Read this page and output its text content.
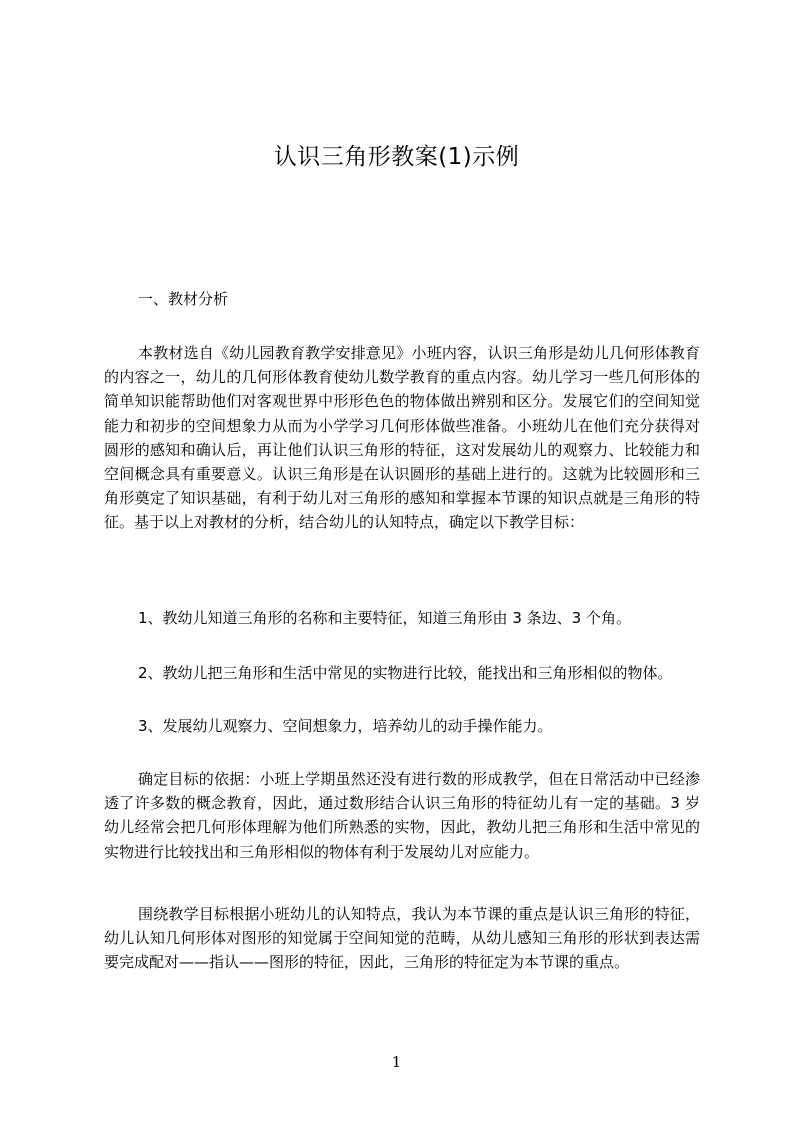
认识三角形教案(1)示例
一、教材分析

本教材选自《幼儿园教育教学安排意见》小班内容，认识三角形是幼儿几何形体教育的内容之一，幼儿的几何形体教育使幼儿数学教育的重点内容。幼儿学习一些几何形体的简单知识能帮助他们对客观世界中形形色色的物体做出辨别和区分。发展它们的空间知觉能力和初步的空间想象力从而为小学学习几何形体做些准备。小班幼儿在他们充分获得对圆形的感知和确认后，再让他们认识三角形的特征，这对发展幼儿的观察力、比较能力和空间概念具有重要意义。认识三角形是在认识圆形的基础上进行的。这就为比较圆形和三角形奠定了知识基础，有利于幼儿对三角形的感知和掌握本节课的知识点就是三角形的特征。基于以上对教材的分析，结合幼儿的认知特点，确定以下教学目标：

1、教幼儿知道三角形的名称和主要特征，知道三角形由 3 条边、3 个角。

2、教幼儿把三角形和生活中常见的实物进行比较，能找出和三角形相似的物体。

3、发展幼儿观察力、空间想象力，培养幼儿的动手操作能力。

确定目标的依据：小班上学期虽然还没有进行数的形成教学，但在日常活动中已经渗透了许多数的概念教育，因此，通过数形结合认识三角形的特征幼儿有一定的基础。3 岁幼儿经常会把几何形体理解为他们所熟悉的实物，因此，教幼儿把三角形和生活中常见的实物进行比较找出和三角形相似的物体有利于发展幼儿对应能力。

围绕教学目标根据小班幼儿的认知特点，我认为本节课的重点是认识三角形的特征，幼儿认知几何形体对图形的知觉属于空间知觉的范畴，从幼儿感知三角形的形状到表达需要完成配对——指认——图形的特征，因此，三角形的特征定为本节课的重点。

1
